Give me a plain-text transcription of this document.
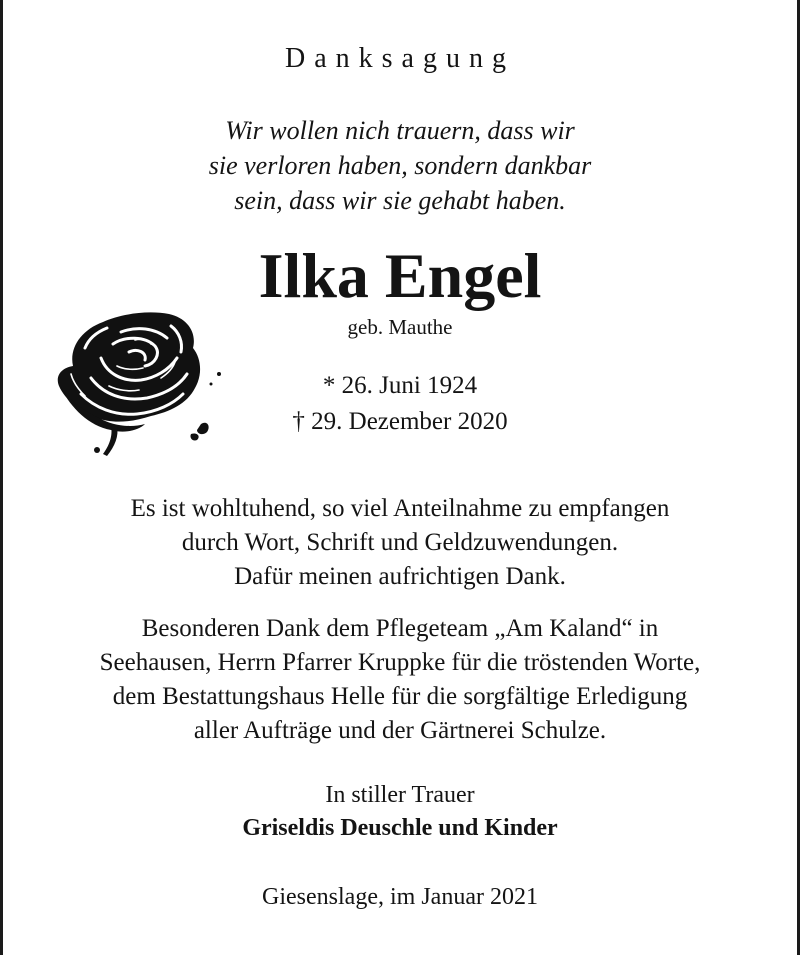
Danksagung
Wir wollen nich trauern, dass wir
sie verloren haben, sondern dankbar
sein, dass wir sie gehabt haben.
Ilka Engel
geb. Mauthe
* 26. Juni 1924
† 29. Dezember 2020
Es ist wohltuhend, so viel Anteilnahme zu empfangen
durch Wort, Schrift und Geldzuwendungen.
Dafür meinen aufrichtigen Dank.
Besonderen Dank dem Pflegeteam „Am Kaland“ in
Seehausen, Herrn Pfarrer Kruppke für die tröstenden Worte,
dem Bestattungshaus Helle für die sorgfältige Erledigung
aller Aufträge und der Gärtnerei Schulze.
In stiller Trauer
Griseldis Deuschle und Kinder
Giesenslage, im Januar 2021
